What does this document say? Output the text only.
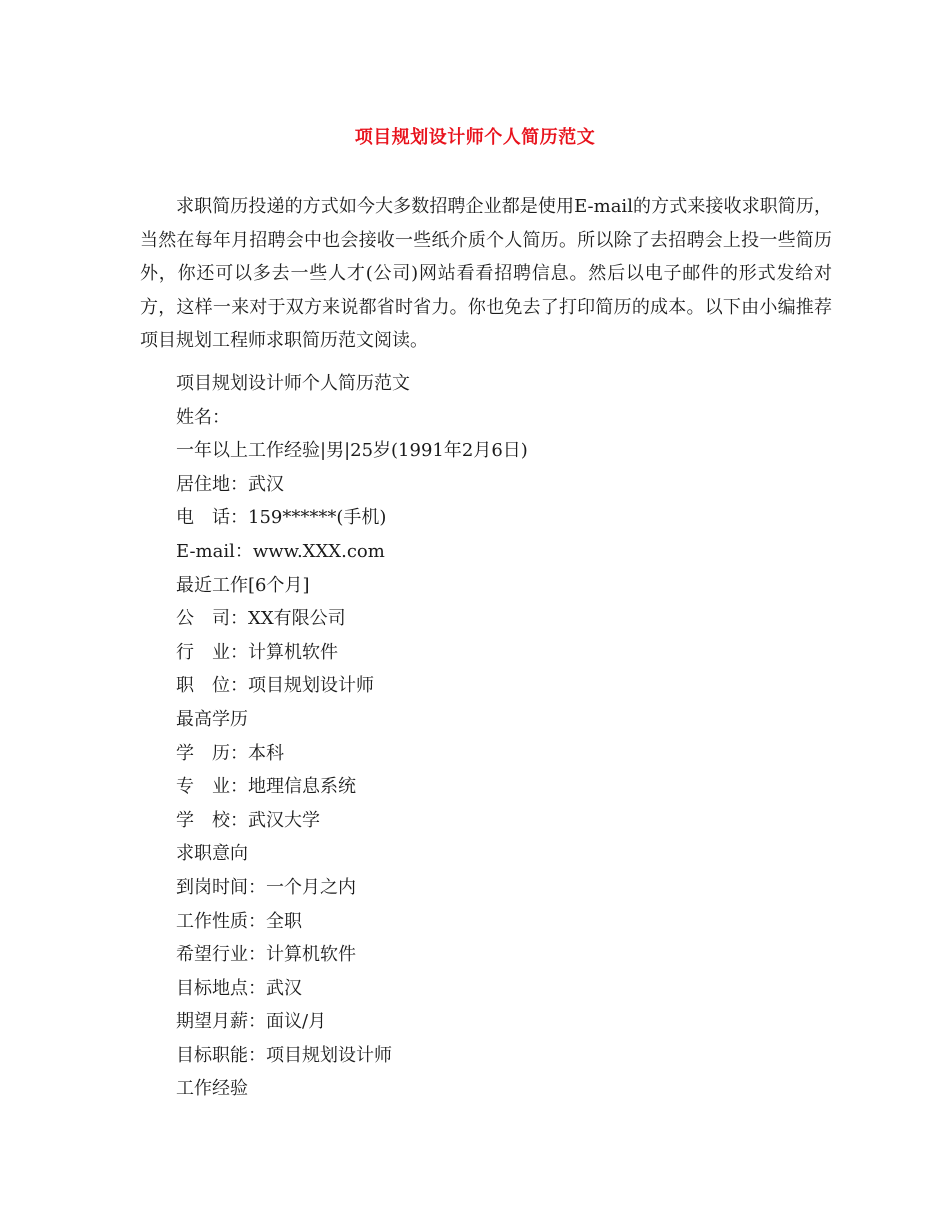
项目规划设计师个人简历范文

求职简历投递的方式如今大多数招聘企业都是使用E-mail的方式来接收求职简历，当然在每年月招聘会中也会接收一些纸介质个人简历。所以除了去招聘会上投一些简历外，你还可以多去一些人才(公司)网站看看招聘信息。然后以电子邮件的形式发给对方，这样一来对于双方来说都省时省力。你也免去了打印简历的成本。以下由小编推荐项目规划工程师求职简历范文阅读。

项目规划设计师个人简历范文
姓名：
一年以上工作经验|男|25岁(1991年2月6日)
居住地：武汉
电　话：159******(手机)
E-mail：www.XXX.com
最近工作[6个月]
公　司：XX有限公司
行　业：计算机软件
职　位：项目规划设计师
最高学历
学　历：本科
专　业：地理信息系统
学　校：武汉大学
求职意向
到岗时间：一个月之内
工作性质：全职
希望行业：计算机软件
目标地点：武汉
期望月薪：面议/月
目标职能：项目规划设计师
工作经验
